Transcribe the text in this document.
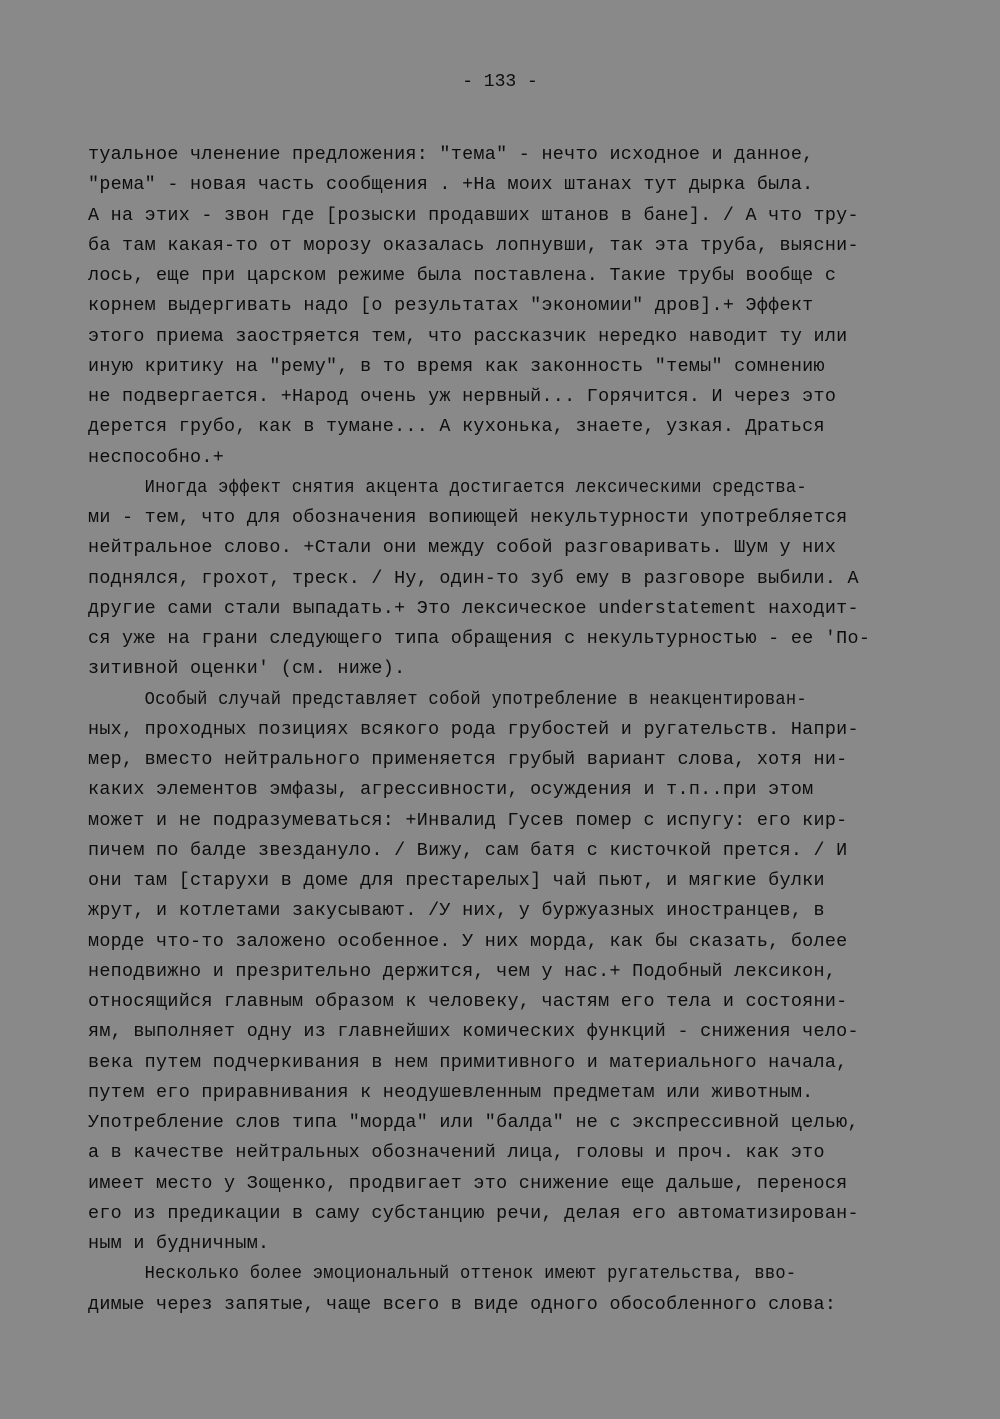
- 133 -
туальное членение предложения: "тема" - нечто исходное и данное,
"рема" - новая часть сообщения . +На моих штанах тут дырка была.
А на этих - звон где [розыски продавших штанов в бане]. / А что тру-
ба там какая-то от морозу оказалась лопнувши, так эта труба, выясни-
лось, еще при царском режиме была поставлена. Такие трубы вообще с
корнем выдергивать надо [о результатах "экономии" дров].+ Эффект
этого приема заостряется тем, что рассказчик нередко наводит ту или
иную критику на "рему", в то время как законность "темы" сомнению
не подвергается. +Народ очень уж нервный... Горячится. И через это
дерется грубо, как в тумане... А кухонька, знаете, узкая. Драться
неспособно.+
Иногда эффект снятия акцента достигается лексическими средства-
ми - тем, что для обозначения вопиющей некультурности употребляется
нейтральное слово. +Стали они между собой разговаривать. Шум у них
поднялся, грохот, треск. / Ну, один-то зуб ему в разговоре выбили. А
другие сами стали выпадать.+ Это лексическое understatement находит-
ся уже на грани следующего типа обращения с некультурностью - ее 'По-
зитивной оценки' (см. ниже).
Особый случай представляет собой употребление в неакцентирован-
ных, проходных позициях всякого рода грубостей и ругательств. Напри-
мер, вместо нейтрального применяется грубый вариант слова, хотя ни-
каких элементов эмфазы, агрессивности, осуждения и т.п..при этом
может и не подразумеваться: +Инвалид Гусев помер с испугу: его кир-
пичем по балде звездануло. / Вижу, сам батя с кисточкой прется. / И
они там [старухи в доме для престарелых] чай пьют, и мягкие булки
жрут, и котлетами закусывают. /У них, у буржуазных иностранцев, в
морде что-то заложено особенное. У них морда, как бы сказать, более
неподвижно и презрительно держится, чем у нас.+ Подобный лексикон,
относящийся главным образом к человеку, частям его тела и состояни-
ям, выполняет одну из главнейших комических функций - снижения чело-
века путем подчеркивания в нем примитивного и материального начала,
путем его приравнивания к неодушевленным предметам или животным.
Употребление слов типа "морда" или "балда" не с экспрессивной целью,
а в качестве нейтральных обозначений лица, головы и проч. как это
имеет место у Зощенко, продвигает это снижение еще дальше, перенося
его из предикации в саму субстанцию речи, делая его автоматизирован-
ным и будничным.
Несколько более эмоциональный оттенок имеют ругательства, вво-
димые через запятые, чаще всего в виде одного обособленного слова:
